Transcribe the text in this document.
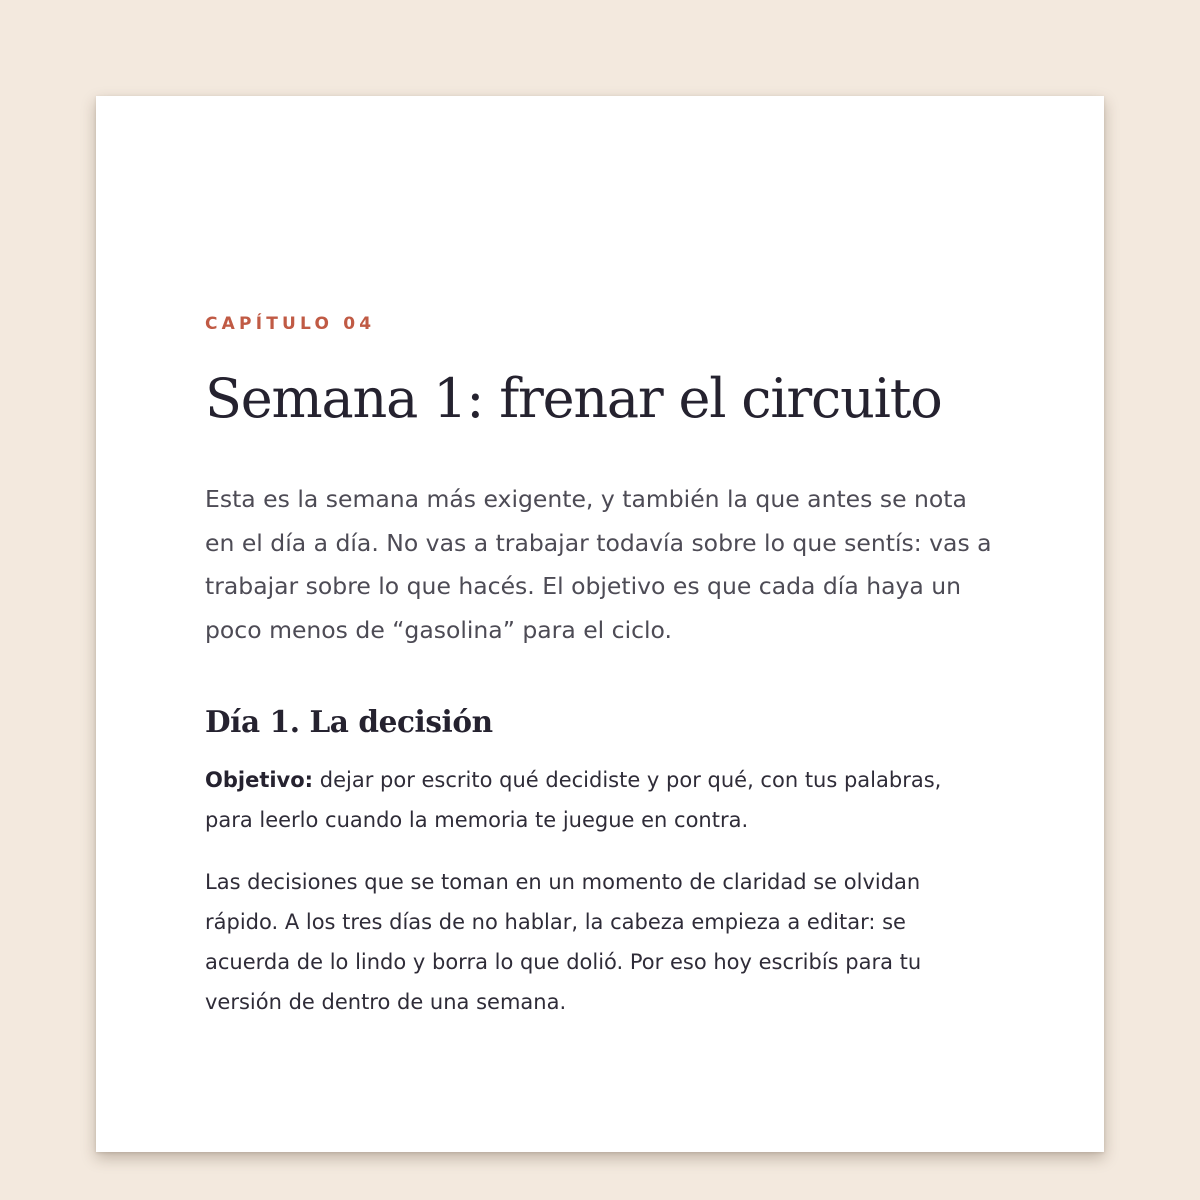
CAPÍTULO 04

Semana 1: frenar el circuito

Esta es la semana más exigente, y también la que antes se nota en el día a día. No vas a trabajar todavía sobre lo que sentís: vas a trabajar sobre lo que hacés. El objetivo es que cada día haya un poco menos de “gasolina” para el ciclo.

Día 1. La decisión

Objetivo: dejar por escrito qué decidiste y por qué, con tus palabras, para leerlo cuando la memoria te juegue en contra.

Las decisiones que se toman en un momento de claridad se olvidan rápido. A los tres días de no hablar, la cabeza empieza a editar: se acuerda de lo lindo y borra lo que dolió. Por eso hoy escribís para tu versión de dentro de una semana.
